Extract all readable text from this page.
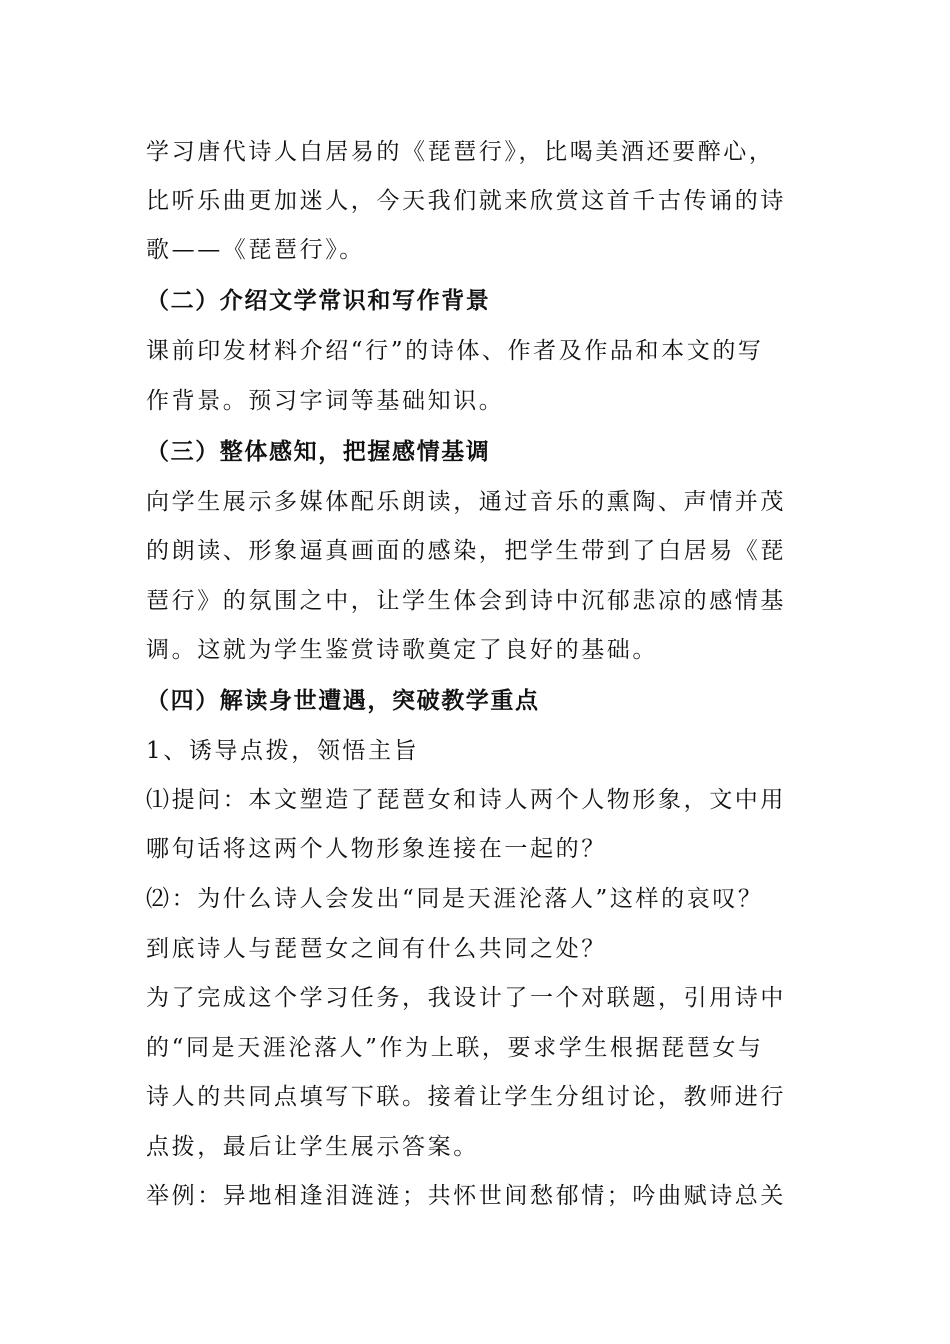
学习唐代诗人白居易的《琵琶行》，比喝美酒还要醉心，
比听乐曲更加迷人，今天我们就来欣赏这首千古传诵的诗
歌——《琵琶行》。
（二）介绍文学常识和写作背景
课前印发材料介绍“行”的诗体、作者及作品和本文的写
作背景。预习字词等基础知识。
（三）整体感知，把握感情基调
向学生展示多媒体配乐朗读，通过音乐的熏陶、声情并茂
的朗读、形象逼真画面的感染，把学生带到了白居易《琵
琶行》的氛围之中，让学生体会到诗中沉郁悲凉的感情基
调。这就为学生鉴赏诗歌奠定了良好的基础。
（四）解读身世遭遇，突破教学重点
1、诱导点拨，领悟主旨
⑴提问：本文塑造了琵琶女和诗人两个人物形象，文中用
哪句话将这两个人物形象连接在一起的？
⑵：为什么诗人会发出“同是天涯沦落人”这样的哀叹？
到底诗人与琵琶女之间有什么共同之处？
为了完成这个学习任务，我设计了一个对联题，引用诗中
的“同是天涯沦落人”作为上联，要求学生根据琵琶女与
诗人的共同点填写下联。接着让学生分组讨论，教师进行
点拨，最后让学生展示答案。
举例：异地相逢泪涟涟；共怀世间愁郁情；吟曲赋诗总关
